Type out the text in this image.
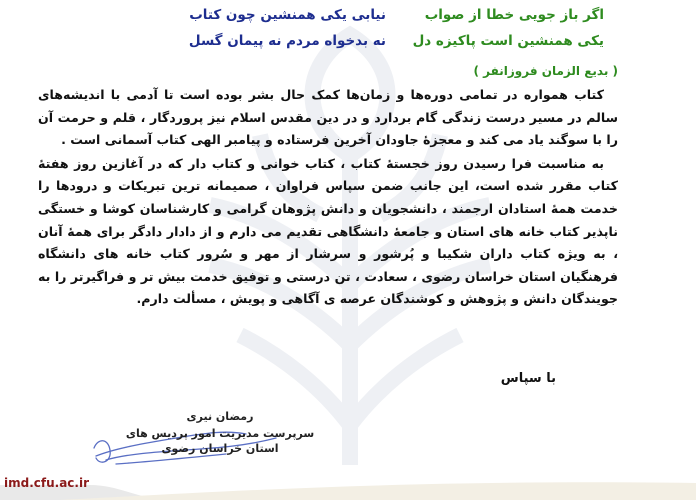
اگر باز جویی خطا از صواب
یکی همنشین است پاکیزه دل
نیابی یکی همنشین چون کتاب
نه بدخواه مردم نه پیمان گسل
( بدیع الزمان فروزانفر )

کتاب همواره در تمامی دوره‌ها و زمان‌ها کمک حال بشر بوده است تا آدمی با اندیشه‌های سالم در مسیر درست زندگی گام بردارد و در دین مقدس اسلام نیز پروردگار ، قلم و حرمت آن را با سوگند یاد می کند و معجزهٔ جاودان آخرین فرستاده و پیامبر الهی کتاب آسمانی است .

به مناسبت فرا رسیدن روز خجستهٔ کتاب ، کتاب خوانی و کتاب دار که در آغازین روز هفتهٔ کتاب مقرر شده است، این جانب ضمن سپاس فراوان ، صمیمانه ترین تبریکات و درودها را خدمت همهٔ استادان ارجمند ، دانشجویان و دانش پژوهان گرامی و کارشناسان کوشا و خستگی ناپذیر کتاب خانه های استان و جامعهٔ دانشگاهی تقدیم می دارم و از دادار دادگر برای همهٔ آنان ، به ویژه کتاب داران شکیبا و پُرشور و سرشار از مهر و سُرور کتاب خانه های دانشگاه فرهنگیان استان خراسان رضوی ، سعادت ، تن درستی و توفیق خدمت بیش تر و فراگیرتر را به جویندگان دانش و پژوهش و کوشندگان عرصه ی آگاهی و پویش ، مسألت دارم.

با سپاس
رمضان نیری
سرپرست مدیریت امور پردیس های
استان خراسان رضوی
imd.cfu.ac.ir
